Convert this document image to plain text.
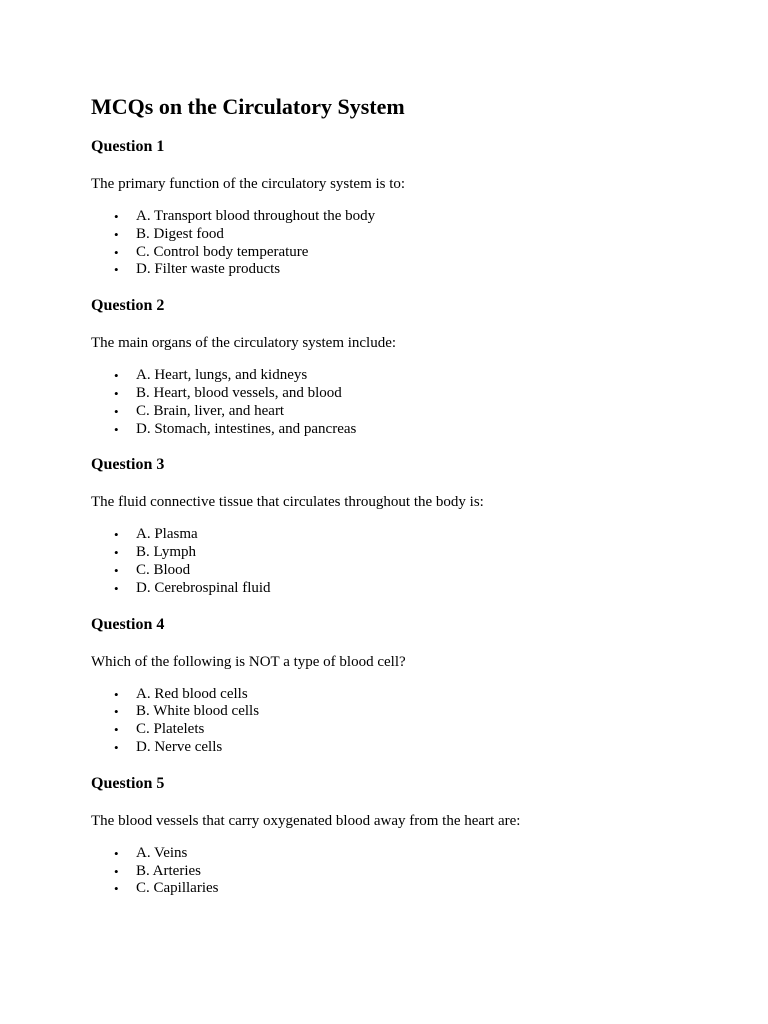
MCQs on the Circulatory System
Question 1

The primary function of the circulatory system is to:

• A. Transport blood throughout the body
• B. Digest food
• C. Control body temperature
• D. Filter waste products
Question 2

The main organs of the circulatory system include:

• A. Heart, lungs, and kidneys
• B. Heart, blood vessels, and blood
• C. Brain, liver, and heart
• D. Stomach, intestines, and pancreas
Question 3

The fluid connective tissue that circulates throughout the body is:

• A. Plasma
• B. Lymph
• C. Blood
• D. Cerebrospinal fluid
Question 4

Which of the following is NOT a type of blood cell?

• A. Red blood cells
• B. White blood cells
• C. Platelets
• D. Nerve cells
Question 5

The blood vessels that carry oxygenated blood away from the heart are:

• A. Veins
• B. Arteries
• C. Capillaries
